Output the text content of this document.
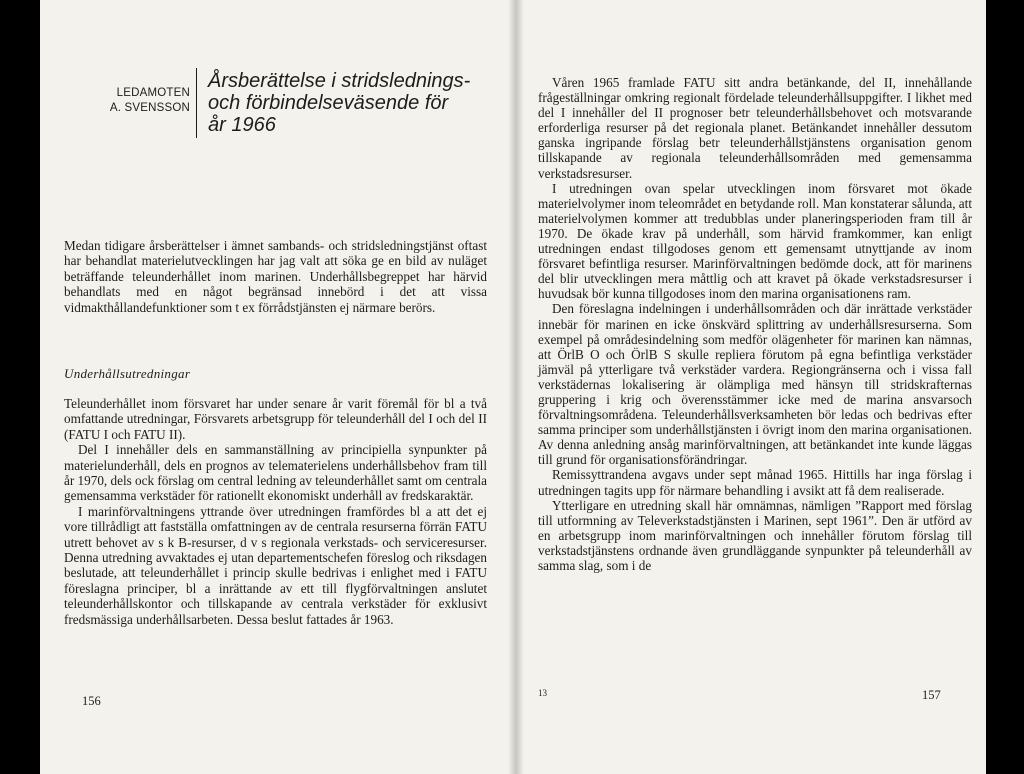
LEDAMOTEN
A. SVENSSON
Årsberättelse i stridslednings-
och förbindelseväsende för
år 1966

Medan tidigare årsberättelser i ämnet sambands- och stridsledningstjänst oftast har behandlat materielutvecklingen har jag valt att söka ge en bild av nuläget beträffande teleunderhållet inom marinen. Underhållsbegreppet har härvid behandlats med en något begränsad innebörd i det att vissa vidmakthållandefunktioner som t ex förrådstjänsten ej närmare berörs.

Underhållsutredningar

Teleunderhållet inom försvaret har under senare år varit föremål för bl a två omfattande utredningar, Försvarets arbetsgrupp för teleunderhåll del I och del II (FATU I och FATU II).

Del I innehåller dels en sammanställning av principiella synpunkter på materielunderhåll, dels en prognos av telematerielens underhållsbehov fram till år 1970, dels ock förslag om central ledning av teleunderhållet samt om centrala gemensamma verkstäder för rationellt ekonomiskt underhåll av fredskaraktär.

I marinförvaltningens yttrande över utredningen framfördes bl a att det ej vore tillrådligt att fastställa omfattningen av de centrala resurserna förrän FATU utrett behovet av s k B-resurser, d v s regionala verkstads- och serviceresurser. Denna utredning avvaktades ej utan departementschefen föreslog och riksdagen beslutade, att teleunderhållet i princip skulle bedrivas i enlighet med i FATU föreslagna principer, bl a inrättande av ett till flygförvaltningen anslutet teleunderhållskontor och tillskapande av centrala verkstäder för exklusivt fredsmässiga underhållsarbeten. Dessa beslut fattades år 1963.

156

Våren 1965 framlade FATU sitt andra betänkande, del II, innehållande frågeställningar omkring regionalt fördelade teleunderhållsuppgifter. I likhet med del I innehåller del II prognoser betr teleunderhållsbehovet och motsvarande erforderliga resurser på det regionala planet. Betänkandet innehåller dessutom ganska ingripande förslag betr teleunderhållstjänstens organisation genom tillskapande av regionala teleunderhållsområden med gemensamma verkstadsresurser.

I utredningen ovan spelar utvecklingen inom försvaret mot ökade materielvolymer inom teleområdet en betydande roll. Man konstaterar sålunda, att materielvolymen kommer att tredubblas under planeringsperioden fram till år 1970. De ökade krav på underhåll, som härvid framkommer, kan enligt utredningen endast tillgodoses genom ett gemensamt utnyttjande av inom försvaret befintliga resurser. Marinförvaltningen bedömde dock, att för marinens del blir utvecklingen mera måttlig och att kravet på ökade verkstadsresurser i huvudsak bör kunna tillgodoses inom den marina organisationens ram.

Den föreslagna indelningen i underhållsområden och där inrättade verkstäder innebär för marinen en icke önskvärd splittring av underhållsresurserna. Som exempel på områdesindelning som medför olägenheter för marinen kan nämnas, att ÖrlB O och ÖrlB S skulle repliera förutom på egna befintliga verkstäder jämväl på ytterligare två verkstäder vardera. Regiongränserna och i vissa fall verkstädernas lokalisering är olämpliga med hänsyn till stridskrafternas gruppering i krig och överensstämmer icke med de marina ansvarsoch förvaltningsområdena. Teleunderhållsverksamheten bör ledas och bedrivas efter samma principer som underhållstjänsten i övrigt inom den marina organisationen. Av denna anledning ansåg marinförvaltningen, att betänkandet inte kunde läggas till grund för organisationsförändringar.

Remissyttrandena avgavs under sept månad 1965. Hittills har inga förslag i utredningen tagits upp för närmare behandling i avsikt att få dem realiserade.

Ytterligare en utredning skall här omnämnas, nämligen ”Rapport med förslag till utformning av Televerkstadstjänsten i Marinen, sept 1961”. Den är utförd av en arbetsgrupp inom marinförvaltningen och innehåller förutom förslag till verkstadstjänstens ordnande även grundläggande synpunkter på teleunderhåll av samma slag, som i de

13	157
